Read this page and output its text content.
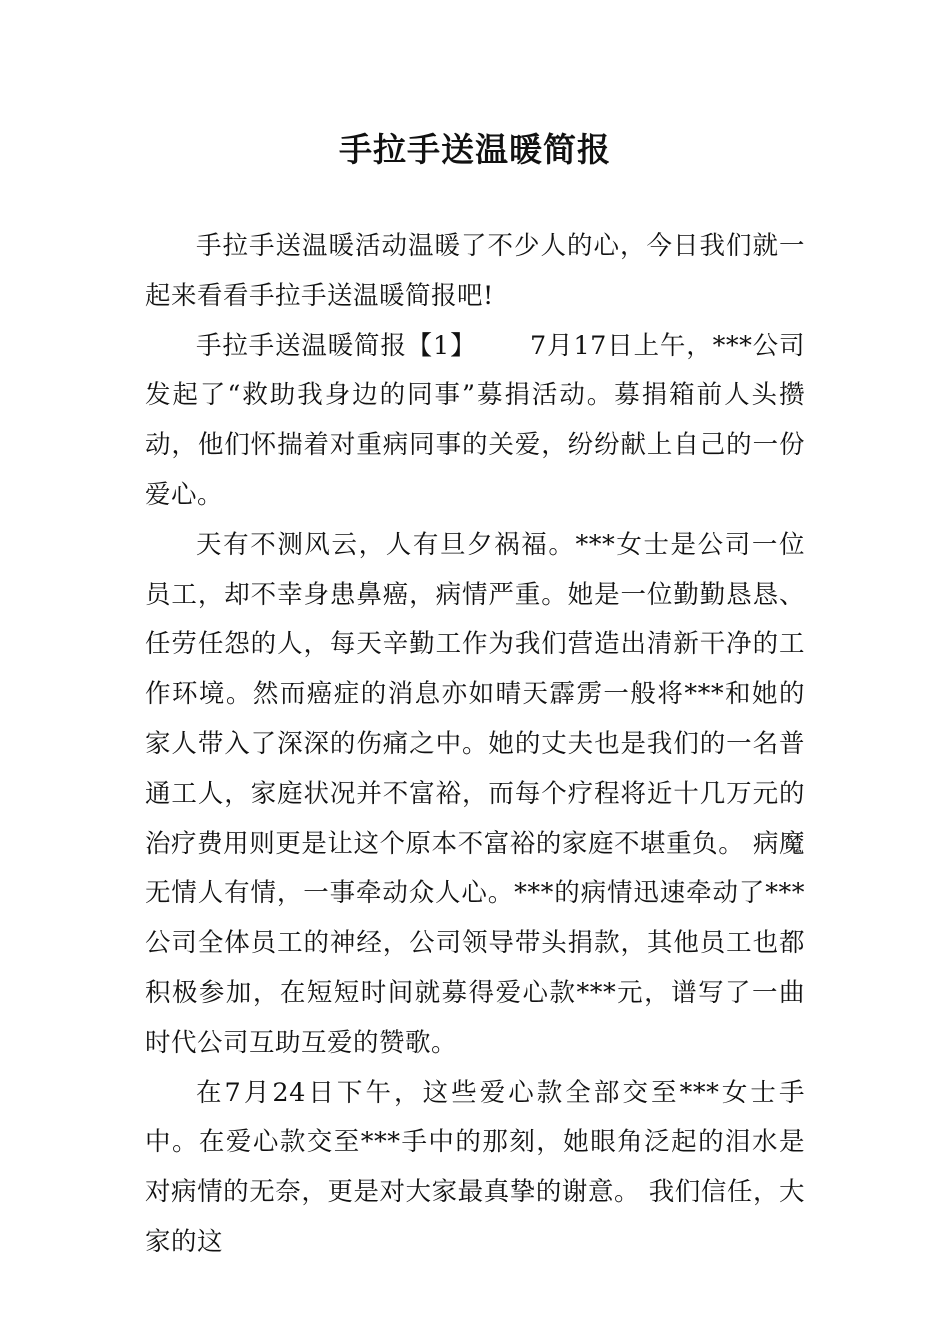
手拉手送温暖简报

手拉手送温暖活动温暖了不少人的心，今日我们就一起来看看手拉手送温暖简报吧!

手拉手送温暖简报【1】      7月17日上午，***公司发起了“救助我身边的同事”募捐活动。募捐箱前人头攒动，他们怀揣着对重病同事的关爱，纷纷献上自己的一份爱心。

天有不测风云，人有旦夕祸福。***女士是公司一位员工，却不幸身患鼻癌，病情严重。她是一位勤勤恳恳、任劳任怨的人，每天辛勤工作为我们营造出清新干净的工作环境。然而癌症的消息亦如晴天霹雳一般将***和她的家人带入了深深的伤痛之中。她的丈夫也是我们的一名普通工人，家庭状况并不富裕，而每个疗程将近十几万元的治疗费用则更是让这个原本不富裕的家庭不堪重负。 病魔无情人有情，一事牵动众人心。***的病情迅速牵动了***公司全体员工的神经，公司领导带头捐款，其他员工也都积极参加，在短短时间就募得爱心款***元，谱写了一曲时代公司互助互爱的赞歌。

在7月24日下午，这些爱心款全部交至***女士手中。在爱心款交至***手中的那刻，她眼角泛起的泪水是对病情的无奈，更是对大家最真挚的谢意。 我们信任，大家的这
